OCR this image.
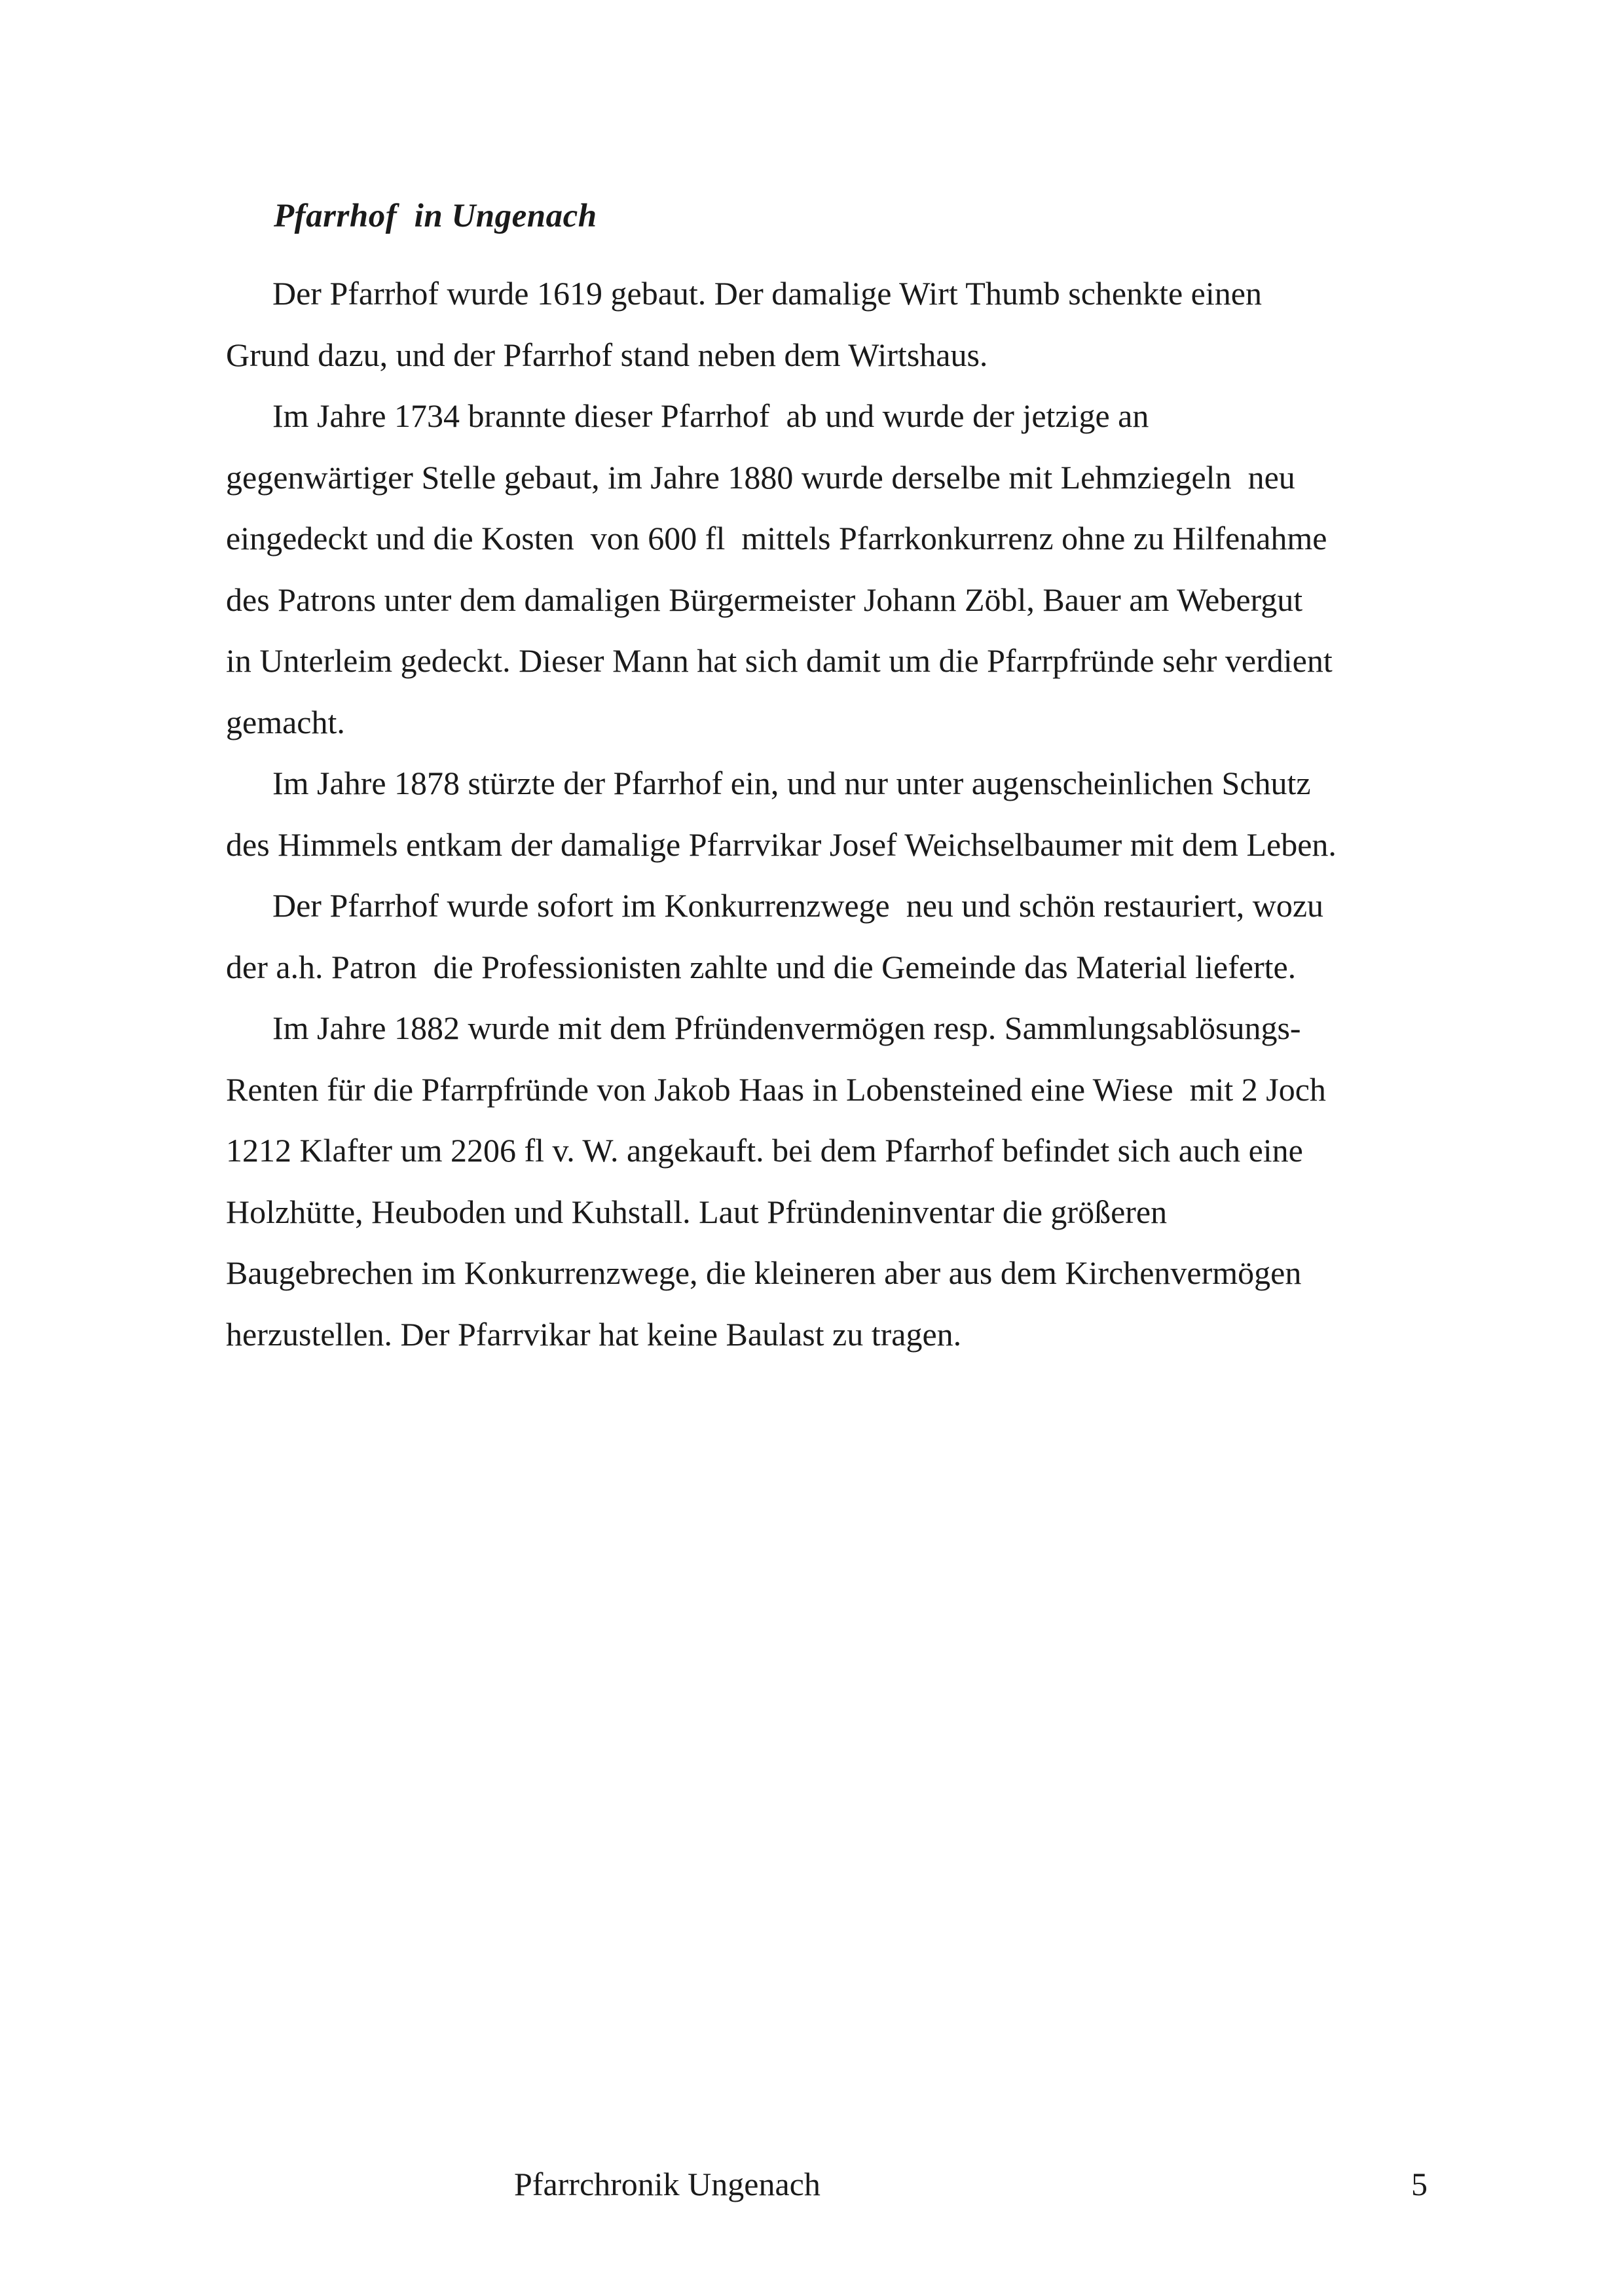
Pfarrhof  in Ungenach
Der Pfarrhof wurde 1619 gebaut. Der damalige Wirt Thumb schenkte einen
Grund dazu, und der Pfarrhof stand neben dem Wirtshaus.
Im Jahre 1734 brannte dieser Pfarrhof  ab und wurde der jetzige an
gegenwärtiger Stelle gebaut, im Jahre 1880 wurde derselbe mit Lehmziegeln  neu
eingedeckt und die Kosten  von 600 fl  mittels Pfarrkonkurrenz ohne zu Hilfenahme
des Patrons unter dem damaligen Bürgermeister Johann Zöbl, Bauer am Webergut
in Unterleim gedeckt. Dieser Mann hat sich damit um die Pfarrpfründe sehr verdient
gemacht.
Im Jahre 1878 stürzte der Pfarrhof ein, und nur unter augenscheinlichen Schutz
des Himmels entkam der damalige Pfarrvikar Josef Weichselbaumer mit dem Leben.
Der Pfarrhof wurde sofort im Konkurrenzwege  neu und schön restauriert, wozu
der a.h. Patron  die Professionisten zahlte und die Gemeinde das Material lieferte.
Im Jahre 1882 wurde mit dem Pfründenvermögen resp. Sammlungsablösungs-
Renten für die Pfarrpfründe von Jakob Haas in Lobensteined eine Wiese  mit 2 Joch
1212 Klafter um 2206 fl v. W. angekauft. bei dem Pfarrhof befindet sich auch eine
Holzhütte, Heuboden und Kuhstall. Laut Pfründeninventar die größeren
Baugebrechen im Konkurrenzwege, die kleineren aber aus dem Kirchenvermögen
herzustellen. Der Pfarrvikar hat keine Baulast zu tragen.
Pfarrchronik Ungenach	5
